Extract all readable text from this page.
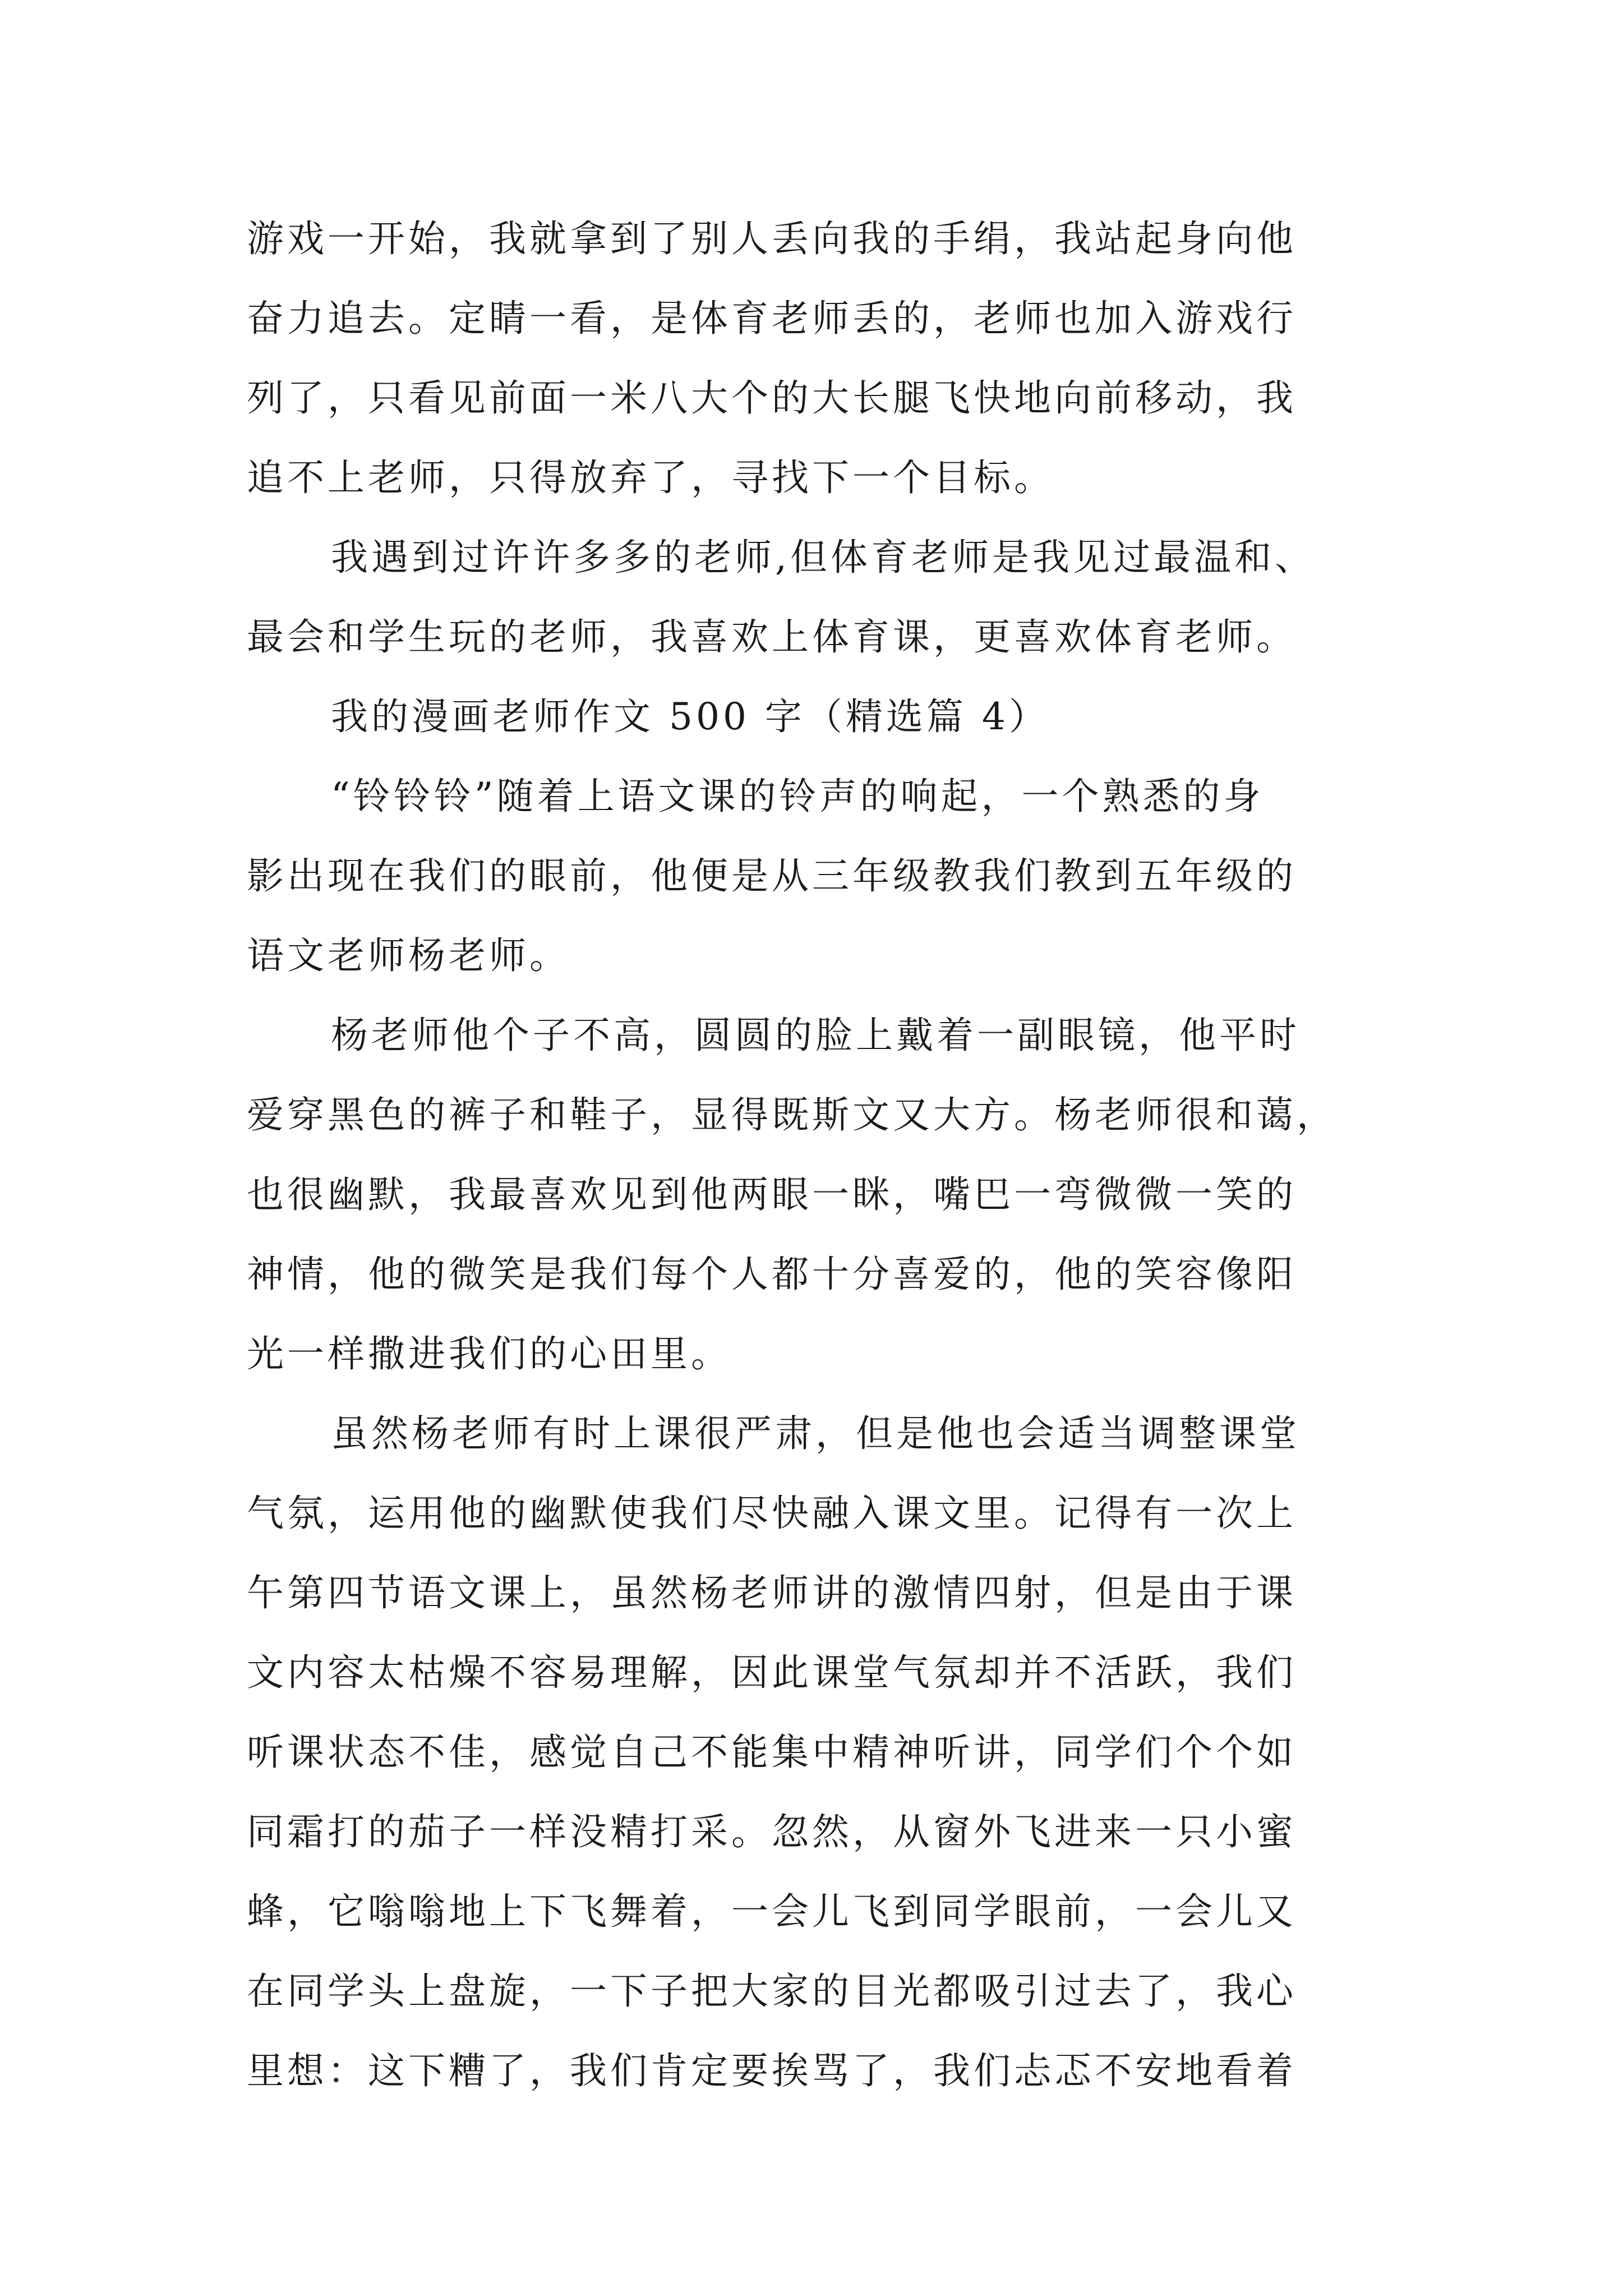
游戏一开始，我就拿到了别人丢向我的手绢，我站起身向他
奋力追去。定睛一看，是体育老师丢的，老师也加入游戏行
列了，只看见前面一米八大个的大长腿飞快地向前移动，我
追不上老师，只得放弃了，寻找下一个目标。
我遇到过许许多多的老师,但体育老师是我见过最温和、
最会和学生玩的老师，我喜欢上体育课，更喜欢体育老师。
我的漫画老师作文 500 字（精选篇 4）
“铃铃铃”随着上语文课的铃声的响起，一个熟悉的身
影出现在我们的眼前，他便是从三年级教我们教到五年级的
语文老师杨老师。
杨老师他个子不高，圆圆的脸上戴着一副眼镜，他平时
爱穿黑色的裤子和鞋子，显得既斯文又大方。杨老师很和蔼，
也很幽默，我最喜欢见到他两眼一眯，嘴巴一弯微微一笑的
神情，他的微笑是我们每个人都十分喜爱的，他的笑容像阳
光一样撒进我们的心田里。
虽然杨老师有时上课很严肃，但是他也会适当调整课堂
气氛，运用他的幽默使我们尽快融入课文里。记得有一次上
午第四节语文课上，虽然杨老师讲的激情四射，但是由于课
文内容太枯燥不容易理解，因此课堂气氛却并不活跃，我们
听课状态不佳，感觉自己不能集中精神听讲，同学们个个如
同霜打的茄子一样没精打采。忽然，从窗外飞进来一只小蜜
蜂，它嗡嗡地上下飞舞着，一会儿飞到同学眼前，一会儿又
在同学头上盘旋，一下子把大家的目光都吸引过去了，我心
里想：这下糟了，我们肯定要挨骂了，我们忐忑不安地看着
